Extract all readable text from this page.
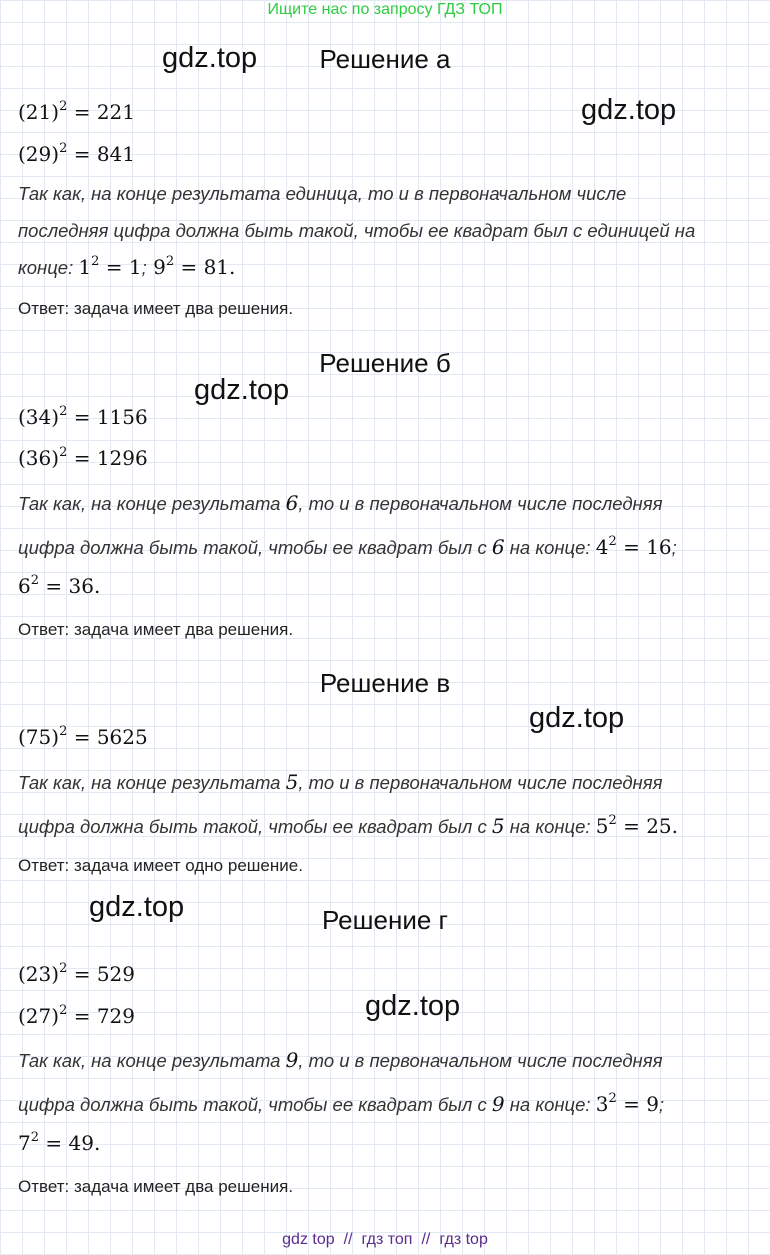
Ищите нас по запросу ГДЗ ТОП
gdz.top
gdz.top
gdz.top
gdz.top
gdz.top
gdz.top
Решение а
$(21)^2 = 221$
$(29)^2 = 841$
Так как, на конце результата единица, то и в первоначальном числе
последняя цифра должна быть такой, чтобы ее квадрат был с единицей на
конце: $1^2 = 1$; $9^2 = 81$.
Ответ: задача имеет два решения.
Решение б
$(34)^2 = 1156$
$(36)^2 = 1296$
Так как, на конце результата 6, то и в первоначальном числе последняя
цифра должна быть такой, чтобы ее квадрат был с 6 на конце: $4^2 = 16$;
$6^2 = 36$.
Ответ: задача имеет два решения.
Решение в
$(75)^2 = 5625$
Так как, на конце результата 5, то и в первоначальном числе последняя
цифра должна быть такой, чтобы ее квадрат был с 5 на конце: $5^2 = 25$.
Ответ: задача имеет одно решение.
Решение г
$(23)^2 = 529$
$(27)^2 = 729$
Так как, на конце результата 9, то и в первоначальном числе последняя
цифра должна быть такой, чтобы ее квадрат был с 9 на конце: $3^2 = 9$;
$7^2 = 49$.
Ответ: задача имеет два решения.
gdz top // гдз топ // гдз top
